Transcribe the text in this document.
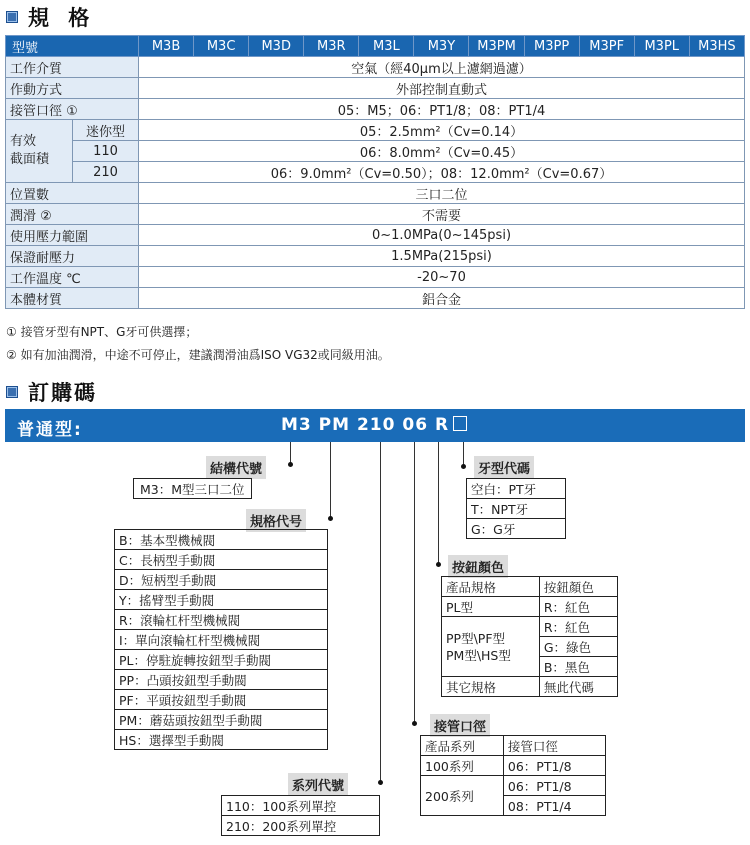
規 格
型號		M3B	M3C	M3D	M3R	M3L	M3Y	M3PM	M3PP	M3PF	M3PL	M3HS
工作介質		空氣（經40μm以上濾網過濾）										
作動方式		外部控制直動式										
接管口徑 ①		05：M5；06：PT1/8；08：PT1/4										
有效
截面積	迷你型	05：2.5mm²（Cv=0.14）										
	110	06：8.0mm²（Cv=0.45）										
	210	06：9.0mm²（Cv=0.50）；08：12.0mm²（Cv=0.67）										
位置數		三口二位										
潤滑 ②		不需要										
使用壓力範圍		0~1.0MPa(0~145psi)										
保證耐壓力		1.5MPa(215psi)										
工作溫度 ℃		-20~70										
本體材質		鋁合金										
① 接管牙型有NPT、G牙可供選擇；
② 如有加油潤滑，中途不可停止，建議潤滑油爲ISO VG32或同級用油。
訂購碼
普通型:	M3 PM 210 06 R
結構代號
M3：M型三口二位
規格代号
B：基本型機械閥
C：長柄型手動閥
D：短柄型手動閥
Y：搖臂型手動閥
R：滾輪杠杆型機械閥
I：單向滾輪杠杆型機械閥
PL：停駐旋轉按鈕型手動閥
PP：凸頭按鈕型手動閥
PF：平頭按鈕型手動閥
PM：蘑菇頭按鈕型手動閥
HS：選擇型手動閥
系列代號
110：100系列單控
210：200系列單控
牙型代碼
空白：PT牙
T：NPT牙
G：G牙
按鈕顏色
產品規格	按鈕顏色
PL型	R：紅色
PP型\PF型
PM型\HS型	R：紅色
	G：綠色
	B：黑色
其它規格	無此代碼
接管口徑
產品系列	接管口徑
100系列	06：PT1/8
200系列	06：PT1/8
	08：PT1/4
